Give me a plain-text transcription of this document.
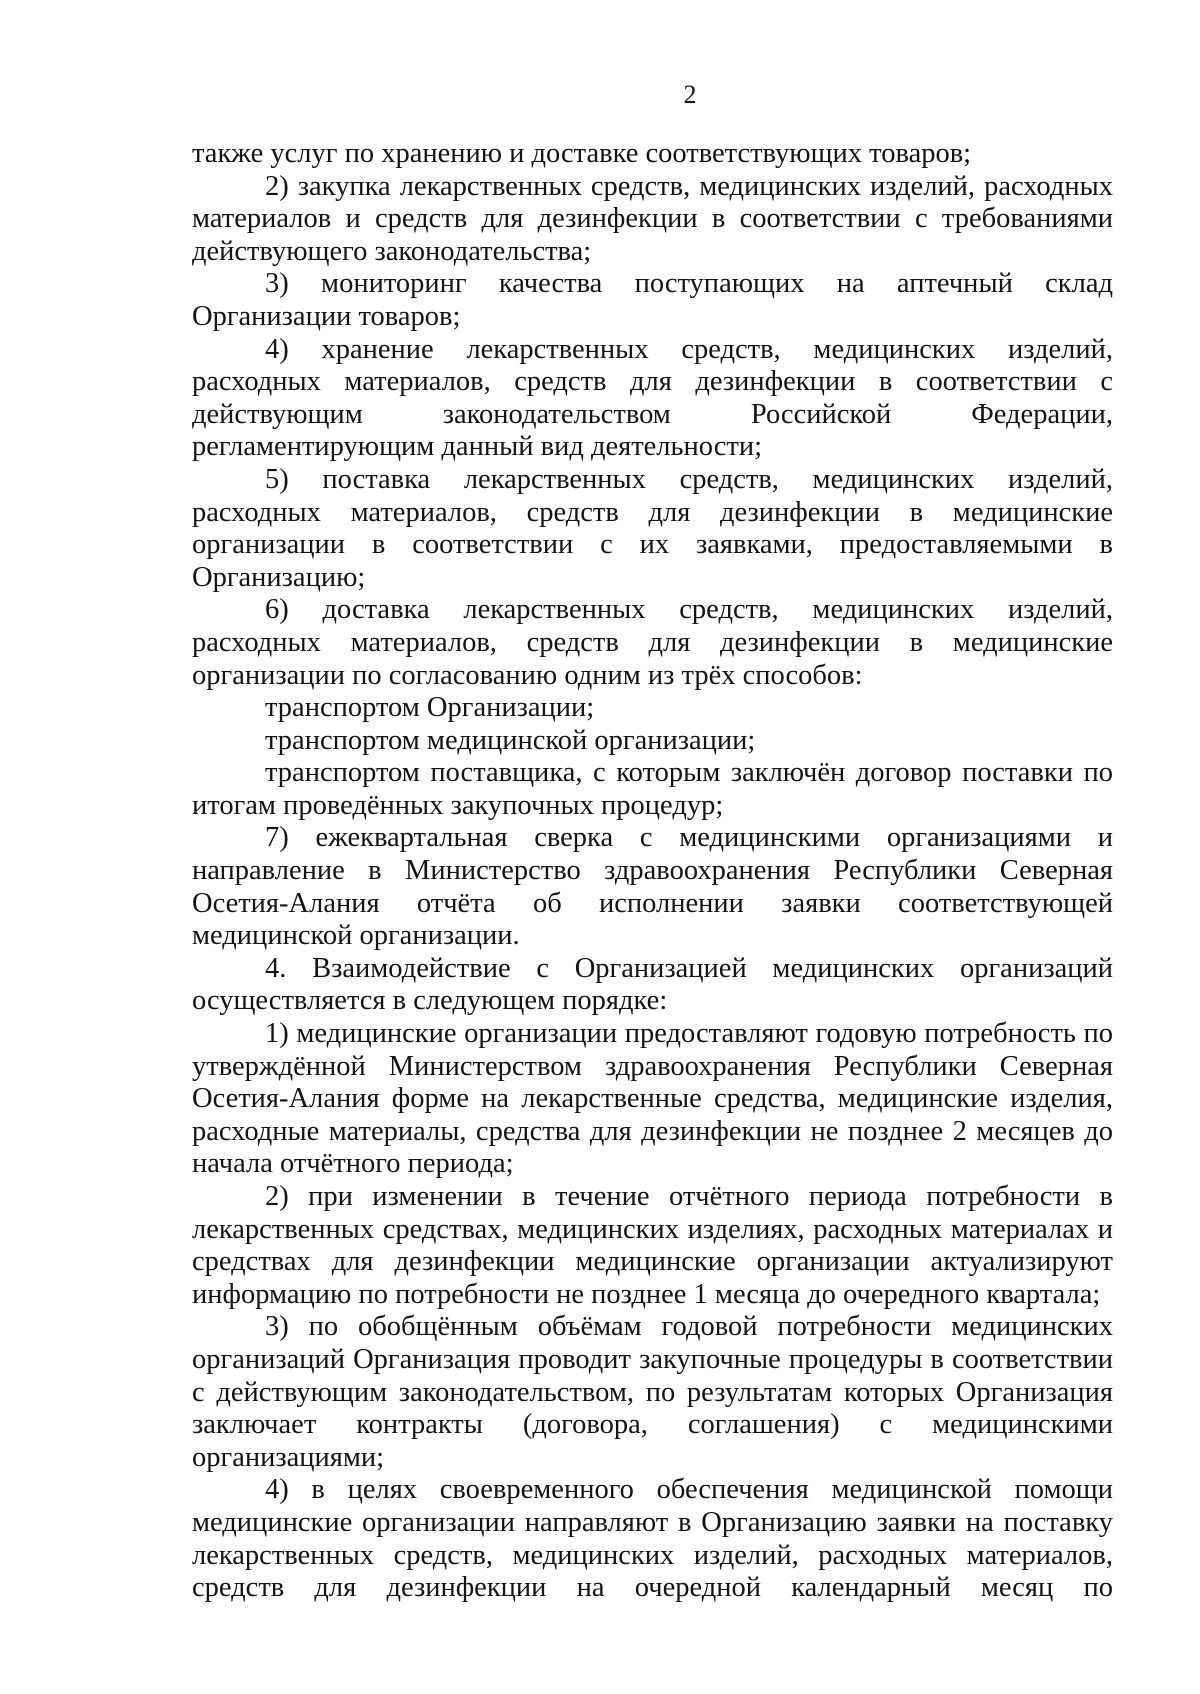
2

также услуг по хранению и доставке соответствующих товаров;

2) закупка лекарственных средств, медицинских изделий, расходных материалов и средств для дезинфекции в соответствии с требованиями действующего законодательства;

3) мониторинг качества поступающих на аптечный склад Организации товаров;

4) хранение лекарственных средств, медицинских изделий, расходных материалов, средств для дезинфекции в соответствии с действующим законодательством Российской Федерации, регламентирующим данный вид деятельности;

5) поставка лекарственных средств, медицинских изделий, расходных материалов, средств для дезинфекции в медицинские организации в соответствии с их заявками, предоставляемыми в Организацию;

6) доставка лекарственных средств, медицинских изделий, расходных материалов, средств для дезинфекции в медицинские организации по согласованию одним из трёх способов:

транспортом Организации;

транспортом медицинской организации;

транспортом поставщика, с которым заключён договор поставки по итогам проведённых закупочных процедур;

7) ежеквартальная сверка с медицинскими организациями и направление в Министерство здравоохранения Республики Северная Осетия-Алания отчёта об исполнении заявки соответствующей медицинской организации.

4. Взаимодействие с Организацией медицинских организаций осуществляется в следующем порядке:

1) медицинские организации предоставляют годовую потребность по утверждённой Министерством здравоохранения Республики Северная Осетия-Алания форме на лекарственные средства, медицинские изделия, расходные материалы, средства для дезинфекции не позднее 2 месяцев до начала отчётного периода;

2) при изменении в течение отчётного периода потребности в лекарственных средствах, медицинских изделиях, расходных материалах и средствах для дезинфекции медицинские организации актуализируют информацию по потребности не позднее 1 месяца до очередного квартала;

3) по обобщённым объёмам годовой потребности медицинских организаций Организация проводит закупочные процедуры в соответствии с действующим законодательством, по результатам которых Организация заключает контракты (договора, соглашения) с медицинскими организациями;

4) в целях своевременного обеспечения медицинской помощи медицинские организации направляют в Организацию заявки на поставку лекарственных средств, медицинских изделий, расходных материалов, средств для дезинфекции на очередной календарный месяц по
